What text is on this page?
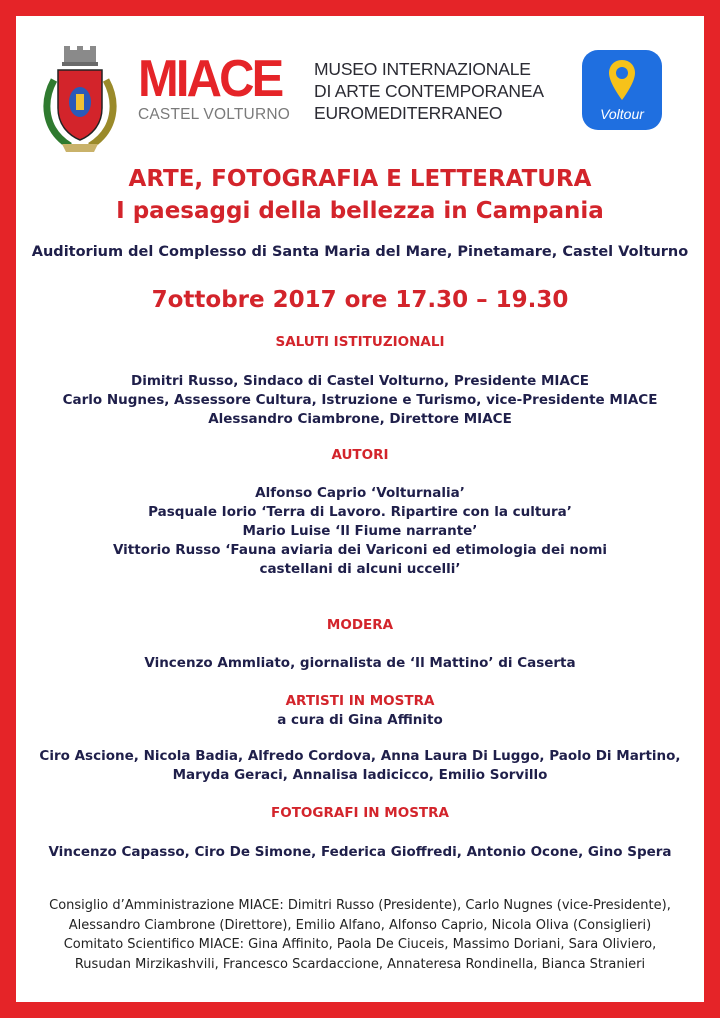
MIACE
CASTEL VOLTURNO
MUSEO INTERNAZIONALE
DI ARTE CONTEMPORANEA
EUROMEDITERRANEO	Voltour
ARTE, FOTOGRAFIA E LETTERATURA
I paesaggi della bellezza in Campania
Auditorium del Complesso di Santa Maria del Mare, Pinetamare, Castel Volturno
7ottobre 2017 ore 17.30 – 19.30
SALUTI ISTITUZIONALI
Dimitri Russo, Sindaco di Castel Volturno, Presidente MIACE
Carlo Nugnes, Assessore Cultura, Istruzione e Turismo, vice-Presidente MIACE
Alessandro Ciambrone, Direttore MIACE
AUTORI
Alfonso Caprio ‘Volturnalia’
Pasquale Iorio ‘Terra di Lavoro. Ripartire con la cultura’
Mario Luise ‘Il Fiume narrante’
Vittorio Russo ‘Fauna aviaria dei Variconi ed etimologia dei nomi
castellani di alcuni uccelli’
MODERA
Vincenzo Ammliato, giornalista de ‘Il Mattino’ di Caserta
ARTISTI IN MOSTRA
a cura di Gina Affinito
Ciro Ascione, Nicola Badia, Alfredo Cordova, Anna Laura Di Luggo, Paolo Di Martino,
Maryda Geraci, Annalisa Iadicicco, Emilio Sorvillo
FOTOGRAFI IN MOSTRA
Vincenzo Capasso, Ciro De Simone, Federica Gioffredi, Antonio Ocone, Gino Spera
Consiglio d’Amministrazione MIACE: Dimitri Russo (Presidente), Carlo Nugnes (vice-Presidente),
Alessandro Ciambrone (Direttore), Emilio Alfano, Alfonso Caprio, Nicola Oliva (Consiglieri)
Comitato Scientifico MIACE: Gina Affinito, Paola De Ciuceis, Massimo Doriani, Sara Oliviero,
Rusudan Mirzikashvili, Francesco Scardaccione, Annateresa Rondinella, Bianca Stranieri
